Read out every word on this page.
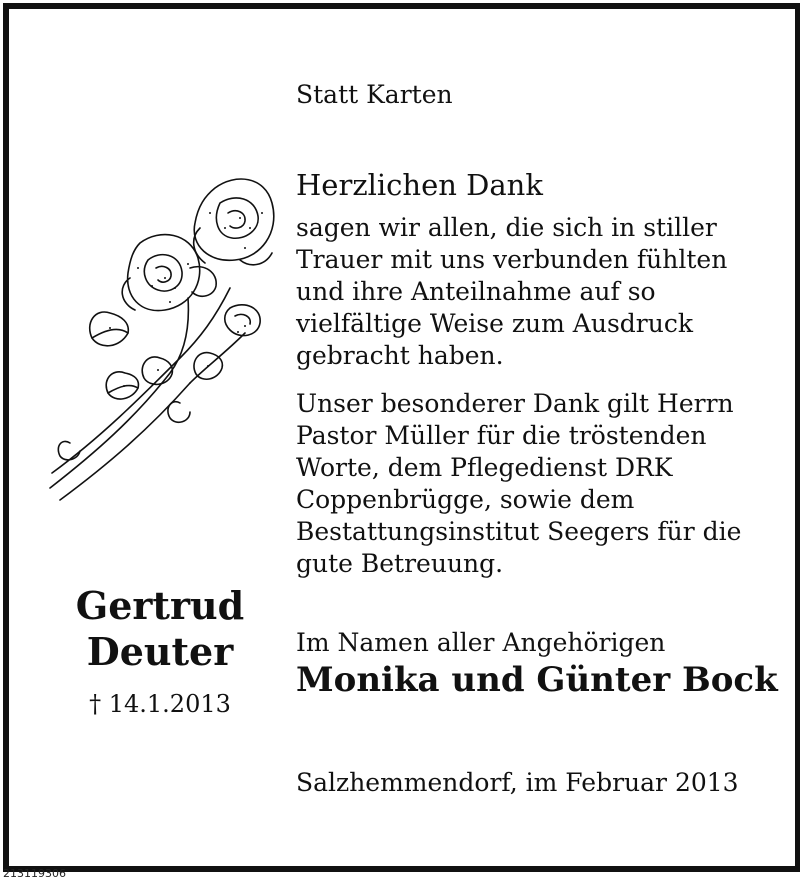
Statt Karten

Herzlichen Dank

sagen wir allen, die sich in stiller
Trauer mit uns verbunden fühlten
und ihre Anteilnahme auf so
vielfältige Weise zum Ausdruck
gebracht haben.
Unser besonderer Dank gilt Herrn
Pastor Müller für die tröstenden
Worte, dem Pflegedienst DRK
Coppenbrügge, sowie dem
Bestattungsinstitut Seegers für die
gute Betreuung.
Gertrud
Deuter
† 14.1.2013

Im Namen aller Angehörigen

Monika und Günter Bock

Salzhemmendorf, im Februar 2013

213119306
